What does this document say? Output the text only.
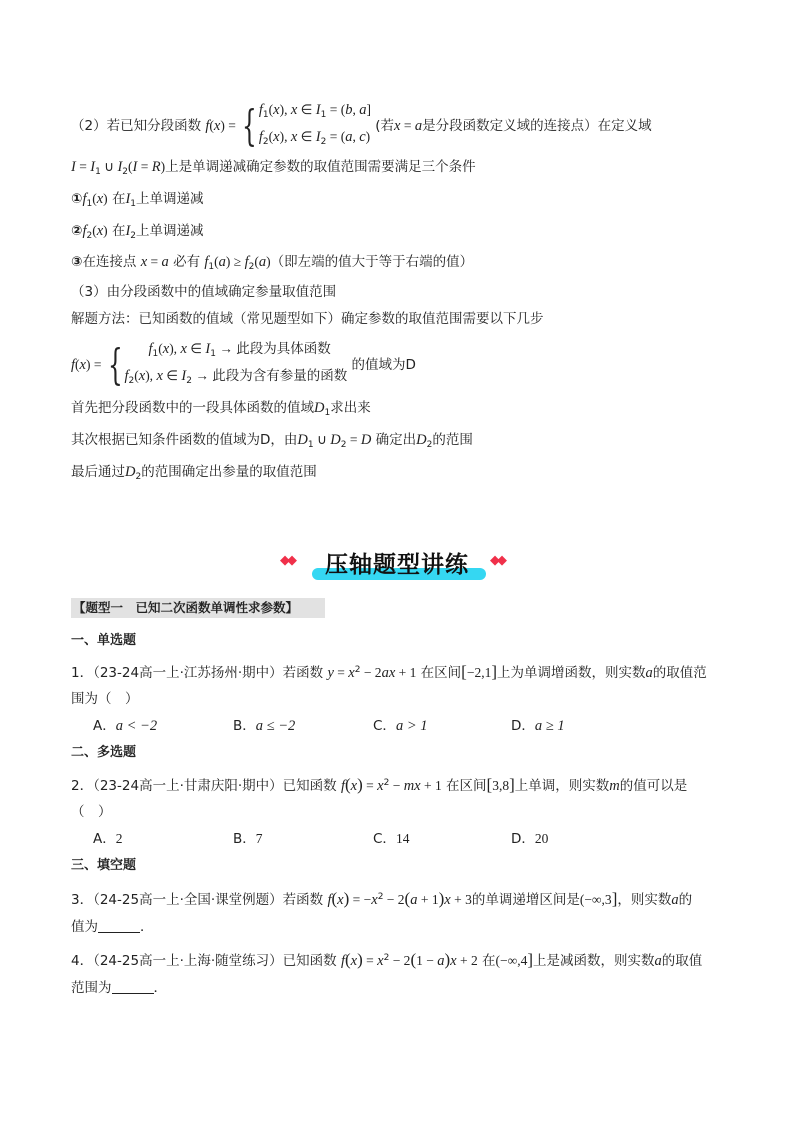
（2）若已知分段函数 f(x) = { $f_1(x)$, x ∈ $I_1 = (b$, a]
$f_2(x)$, x ∈ $I_2 = (a$, c)
(若x = a是分段函数定义域的连接点）在定义域
$I = I_1$ ∪ $I_2(I = R)$上是单调递减确定参数的取值范围需要满足三个条件
$①f_1(x)$ 在$I_1$上单调递减
$②f_2(x)$ 在$I_2$上单调递减
③在连接点 x = a 必有 $f_1(a) \ge f_2(a)$（即左端的值大于等于右端的值）
（3）由分段函数中的值域确定参量取值范围
解题方法：已知函数的值域（常见题型如下）确定参数的取值范围需要以下几步
f(x) = {	$f_1(x)$, x ∈ $I_1$ → 此段为具体函数
$f_2(x)$, x ∈ $I_2$ → 此段为含有参量的函数
的值域为D
首先把分段函数中的一段具体函数的值域$D_1$求出来
其次根据已知条件函数的值域为D，由$D_1$ ∪ $D_2 = D$ 确定出$D_2$的范围
最后通过$D_2$的范围确定出参量的取值范围
◆◆	压轴题型讲练	◆◆
【题型一　已知二次函数单调性求参数】
一、单选题
1．（23-24高一上·江苏扬州·期中）若函数 $y = x^2 - 2ax + 1$ 在区间[−2,1]上为单调增函数，则实数a的取值范
围为（　）
A．a < −2	B．a ≤ −2	C．a > 1	D．a ≥ 1
二、多选题
2．（23-24高一上·甘肃庆阳·期中）已知函数 $f(x) = x^2$ − mx + 1 在区间[3,8]上单调，则实数m的值可以是
（　）
A．2	B．7	C．14	D．20
三、填空题
3．（24-25高一上·全国·课堂例题）若函数 $f(x) = -x^2 - 2(a + 1)x + 3$的单调递增区间是(−∞,3]，则实数a的
值为	．
4．（24-25高一上·上海·随堂练习）已知函数 $f(x) = x^2 - 2(1 - a)x + 2$ 在(−∞,4]上是减函数，则实数a的取值
范围为	．
